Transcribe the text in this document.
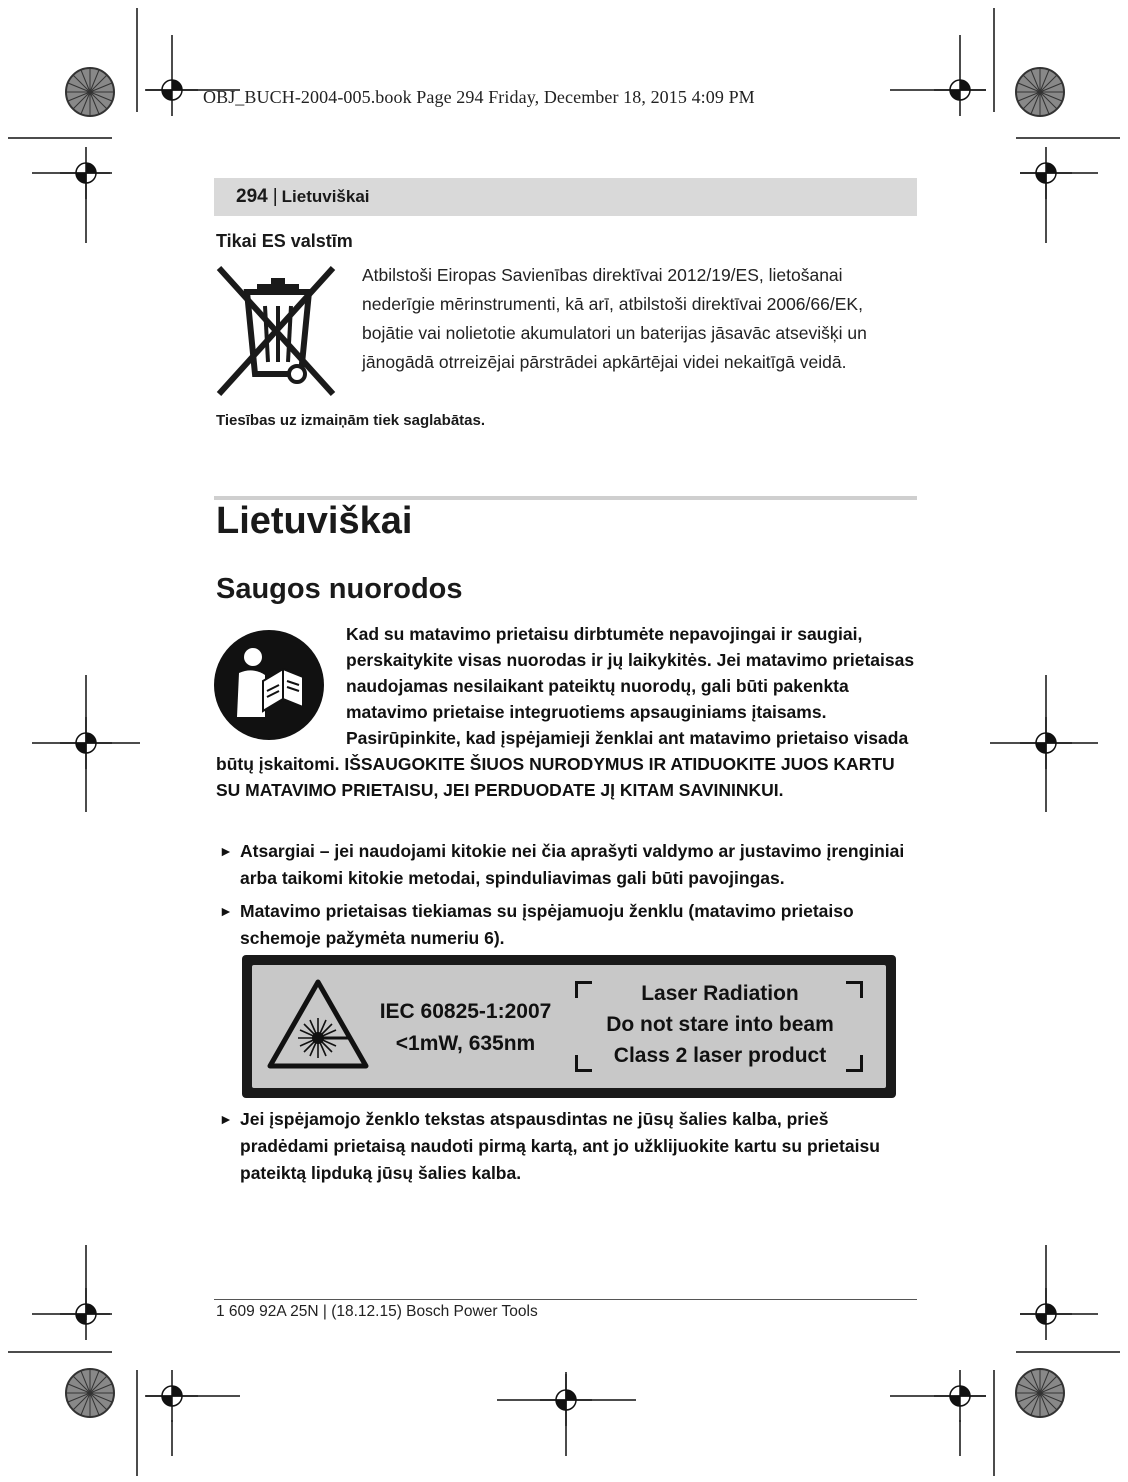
OBJ_BUCH-2004-005.book Page 294 Friday, December 18, 2015 4:09 PM
294 | Lietuviškai
Tikai ES valstīm
Atbilstoši Eiropas Savienības direktīvai 2012/19/ES, lietošanai nederīgie mērinstrumenti, kā arī, atbilstoši direktīvai 2006/66/EK, bojātie vai nolietotie akumulatori un baterijas jāsavāc atsevišķi un jānogādā otrreizējai pārstrādei apkārtējai videi nekaitīgā veidā.
Tiesības uz izmaiņām tiek saglabātas.
Lietuviškai
Saugos nuorodos
Kad su matavimo prietaisu dirbtumėte nepavojingai ir saugiai, perskaitykite visas nuorodas ir jų laikykitės. Jei matavimo prietaisas naudojamas nesilaikant pateiktų nuorodų, gali būti pakenkta matavimo prietaise integruotiems apsauginiams įtaisams. Pasirūpinkite, kad įspėjamieji ženklai ant matavimo prietaiso visada būtų įskaitomi. IŠSAUGOKITE ŠIUOS NURODYMUS IR ATIDUOKITE JUOS KARTU SU MATAVIMO PRIETAISU, JEI PERDUODATE JĮ KITAM SAVININKUI.
► Atsargiai – jei naudojami kitokie nei čia aprašyti valdymo ar justavimo įrenginiai arba taikomi kitokie metodai, spinduliavimas gali būti pavojingas.
► Matavimo prietaisas tiekiamas su įspėjamuoju ženklu (matavimo prietaiso schemoje pažymėta numeriu 6).
IEC 60825-1:2007
<1mW, 635nm
Laser Radiation
Do not stare into beam
Class 2 laser product
► Jei įspėjamojo ženklo tekstas atspausdintas ne jūsų šalies kalba, prieš pradėdami prietaisą naudoti pirmą kartą, ant jo užklijuokite kartu su prietaisu pateiktą lipduką jūsų šalies kalba.
1 609 92A 25N | (18.12.15) Bosch Power Tools
